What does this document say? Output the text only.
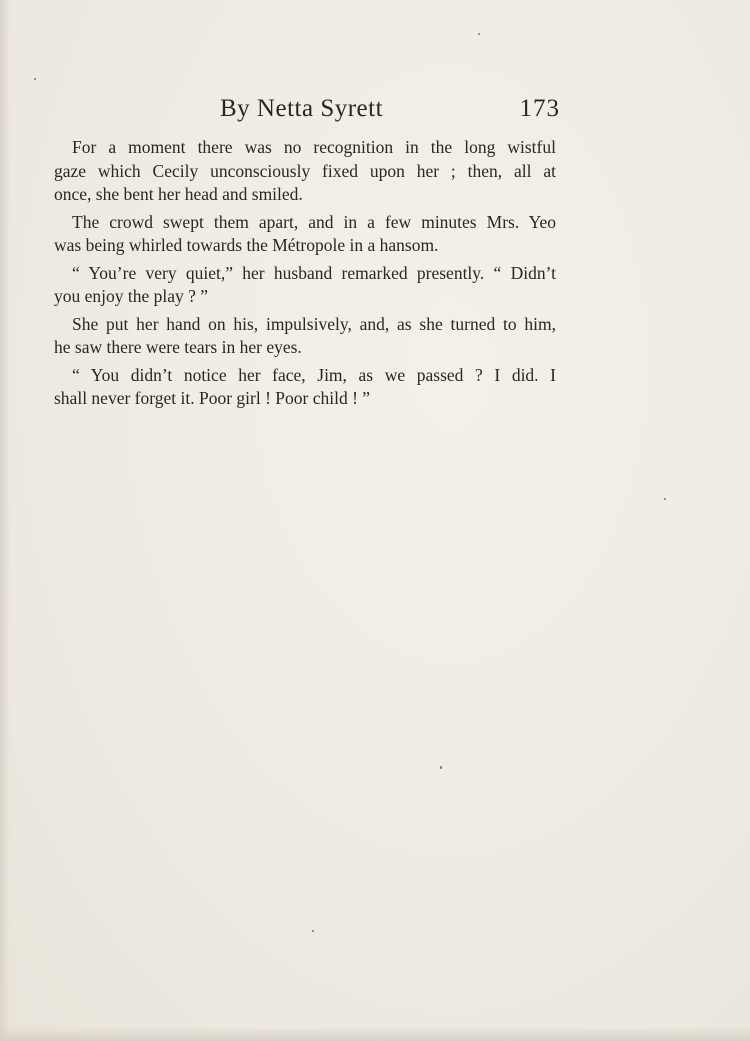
By Netta Syrett	173
For a moment there was no recognition in the long wistful
gaze which Cecily unconsciously fixed upon her ; then, all at
once, she bent her head and smiled.
The crowd swept them apart, and in a few minutes Mrs. Yeo
was being whirled towards the Métropole in a hansom.
“ You’re very quiet,” her husband remarked presently. “ Didn’t
you enjoy the play ? ”
She put her hand on his, impulsively, and, as she turned to him,
he saw there were tears in her eyes.
“ You didn’t notice her face, Jim, as we passed ? I did. I
shall never forget it. Poor girl ! Poor child ! ”
